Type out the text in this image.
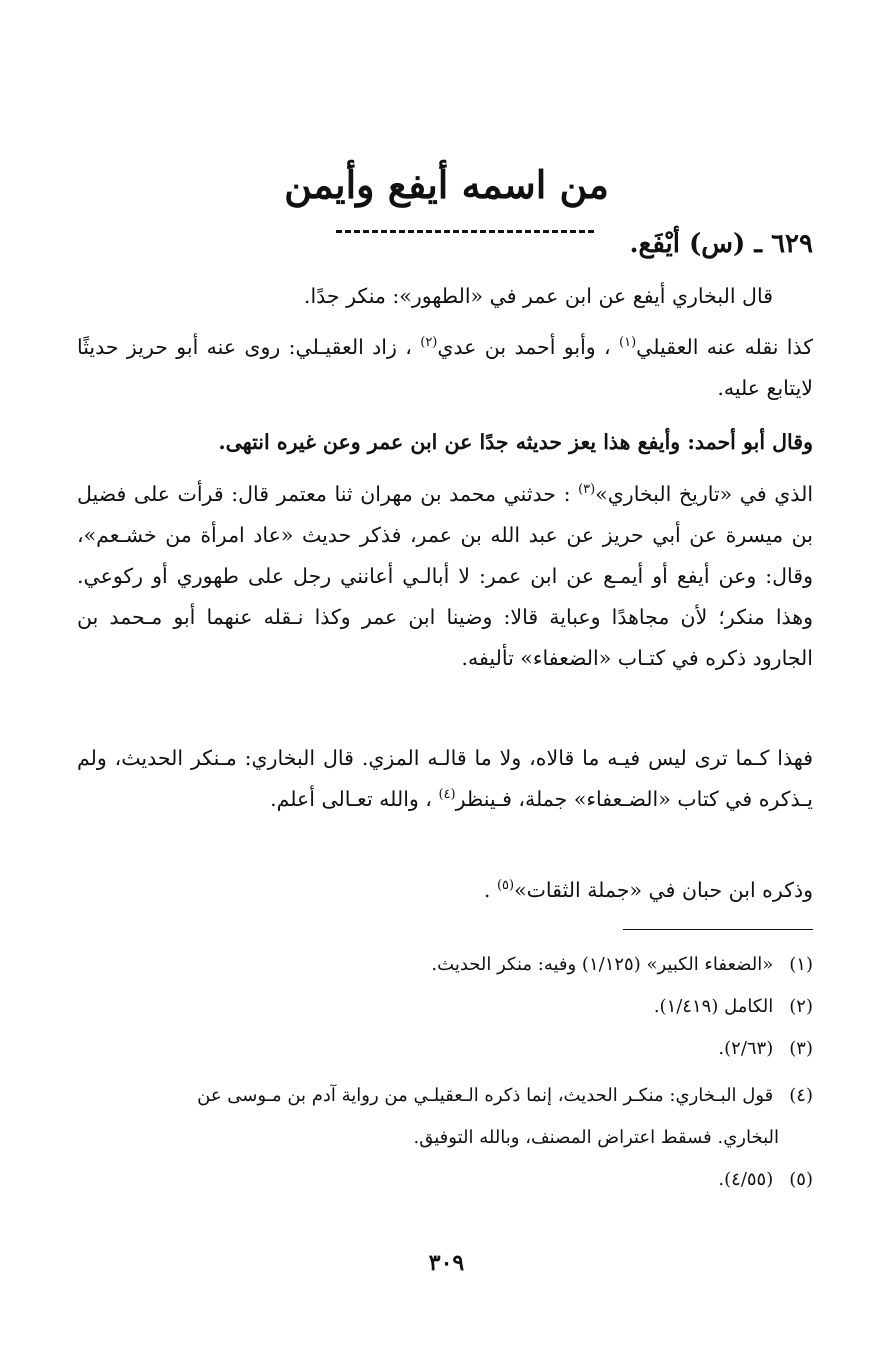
من اسمه أيفع وأيمن
٦٢٩ ـ (س) أيْفَع.
قال البخاري أيفع عن ابن عمر في «الطهور»: منكر جدًا.
كذا نقله عنه العقيلي$^{(١)}$ ، وأبو أحمد بن عدي$^{(٢)}$ ، زاد العقيـلي: روى عنه أبو حريز حديثًا لايتابع عليه.
وقال أبو أحمد: وأيفع هذا يعز حديثه جدًا عن ابن عمر وعن غيره انتهى.
الذي في «تاريخ البخاري»$^{(٣)}$ : حدثني محمد بن مهران ثنا معتمر قال: قرأت على فضيل بن ميسرة عن أبي حريز عن عبد الله بن عمر، فذكر حديث «عاد امرأة من خشـعم»، وقال: وعن أيفع أو أيمـع عن ابن عمر: لا أبالـي أعانني رجل على طهوري أو ركوعي. وهذا منكر؛ لأن مجاهدًا وعباية قالا: وضينا ابن عمر وكذا نـقله عنهما أبو مـحمد بن الجارود ذكره في كتـاب «الضعفاء» تأليفه.
فهذا كـما ترى ليس فيـه ما قالاه، ولا ما قالـه المزي. قال البخاري: مـنكر الحديث، ولم يـذكره في كتاب «الضـعفاء» جملة، فـينظر$^{(٤)}$ ، والله تعـالى أعلم.
وذكره ابن حبان في «جملة الثقات»$^{(٥)}$ .
(١) «الضعفاء الكبير» (١/١٢٥) وفيه: منكر الحديث.
(٢) الكامل (١/٤١٩).
(٣) (٢/٦٣).
(٤) قول البـخاري: منكـر الحديث، إنما ذكره الـعقيلـي من رواية آدم بن مـوسى عن
البخاري. فسقط اعتراض المصنف، وبالله التوفيق.
(٥) (٤/٥٥).
٣٠٩
